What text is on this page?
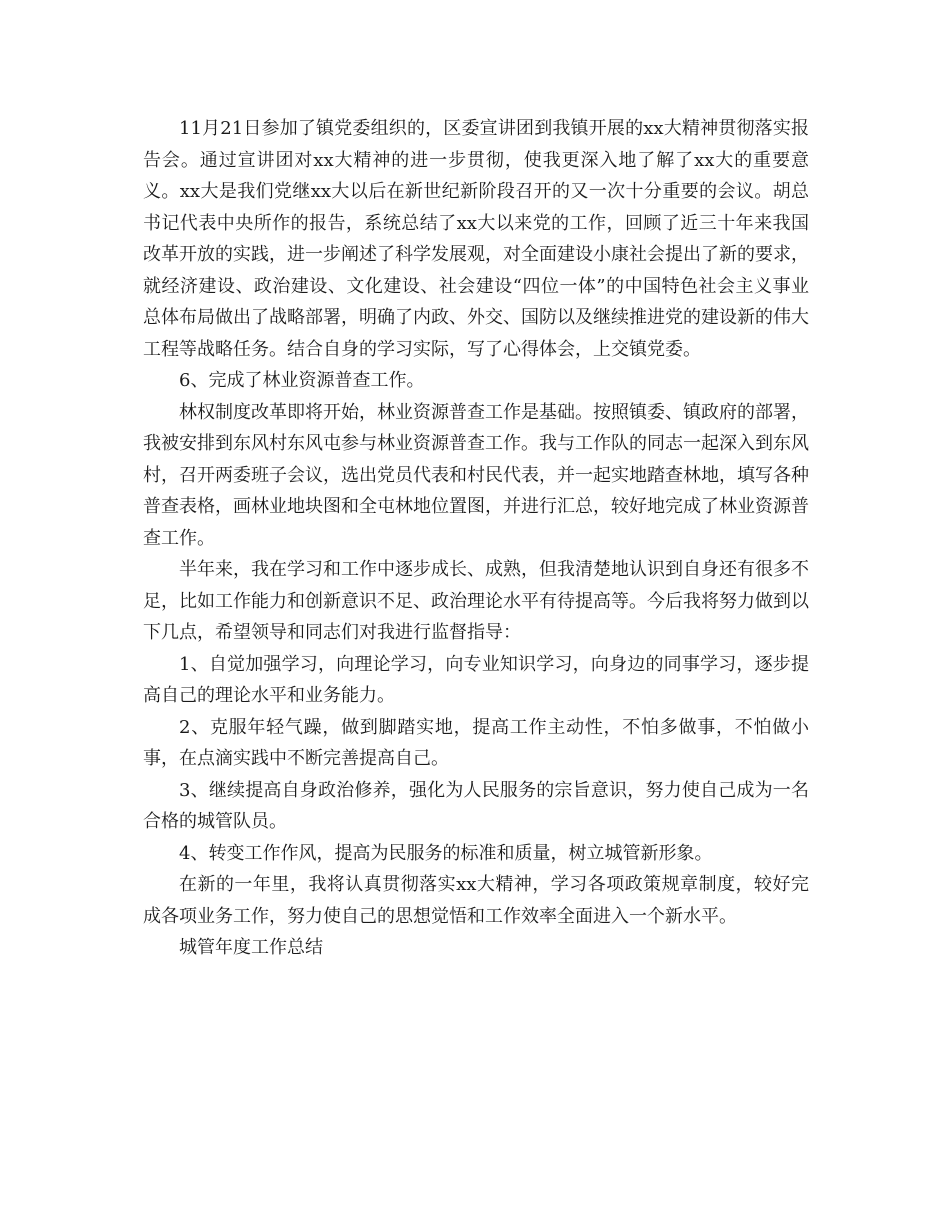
11月21日参加了镇党委组织的，区委宣讲团到我镇开展的xx大精神贯彻落实报告会。通过宣讲团对xx大精神的进一步贯彻，使我更深入地了解了xx大的重要意义。xx大是我们党继xx大以后在新世纪新阶段召开的又一次十分重要的会议。胡总书记代表中央所作的报告，系统总结了xx大以来党的工作，回顾了近三十年来我国改革开放的实践，进一步阐述了科学发展观，对全面建设小康社会提出了新的要求，就经济建设、政治建设、文化建设、社会建设“四位一体”的中国特色社会主义事业总体布局做出了战略部署，明确了内政、外交、国防以及继续推进党的建设新的伟大工程等战略任务。结合自身的学习实际，写了心得体会，上交镇党委。

6、完成了林业资源普查工作。

林权制度改革即将开始，林业资源普查工作是基础。按照镇委、镇政府的部署，我被安排到东风村东风屯参与林业资源普查工作。我与工作队的同志一起深入到东风村，召开两委班子会议，选出党员代表和村民代表，并一起实地踏查林地，填写各种普查表格，画林业地块图和全屯林地位置图，并进行汇总，较好地完成了林业资源普查工作。

半年来，我在学习和工作中逐步成长、成熟，但我清楚地认识到自身还有很多不足，比如工作能力和创新意识不足、政治理论水平有待提高等。今后我将努力做到以下几点，希望领导和同志们对我进行监督指导：

1、自觉加强学习，向理论学习，向专业知识学习，向身边的同事学习，逐步提高自己的理论水平和业务能力。

2、克服年轻气躁，做到脚踏实地，提高工作主动性，不怕多做事，不怕做小事，在点滴实践中不断完善提高自己。

3、继续提高自身政治修养，强化为人民服务的宗旨意识，努力使自己成为一名合格的城管队员。

4、转变工作作风，提高为民服务的标准和质量，树立城管新形象。

在新的一年里，我将认真贯彻落实xx大精神，学习各项政策规章制度，较好完成各项业务工作，努力使自己的思想觉悟和工作效率全面进入一个新水平。

城管年度工作总结
